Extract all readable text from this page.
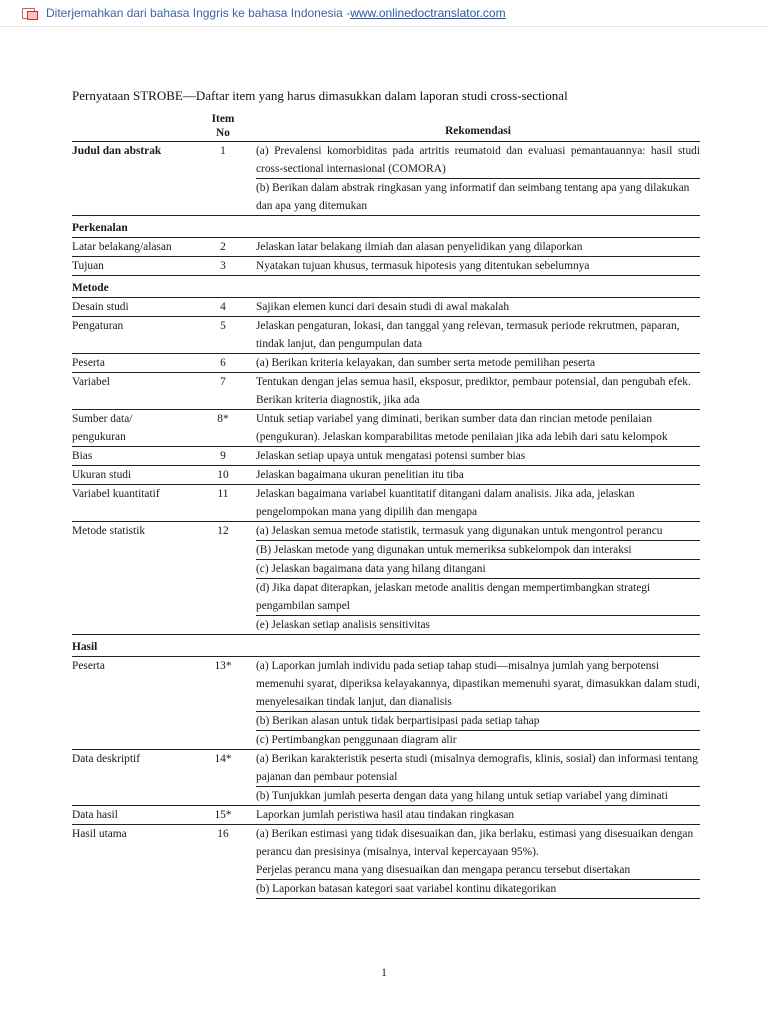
Diterjemahkan dari bahasa Inggris ke bahasa Indonesia - www.onlinedoctranslator.com
Pernyataan STROBE—Daftar item yang harus dimasukkan dalam laporan studi cross-sectional
	Item
No	Rekomendasi
Judul dan abstrak	1	(a) Prevalensi komorbiditas pada artritis reumatoid dan evaluasi pemantauannya: hasil studi cross-sectional internasional (COMORA)
		(b) Berikan dalam abstrak ringkasan yang informatif dan seimbang tentang apa yang dilakukan dan apa yang ditemukan
Perkenalan		
Latar belakang/alasan	2	Jelaskan latar belakang ilmiah dan alasan penyelidikan yang dilaporkan
Tujuan	3	Nyatakan tujuan khusus, termasuk hipotesis yang ditentukan sebelumnya
Metode		
Desain studi	4	Sajikan elemen kunci dari desain studi di awal makalah
Pengaturan	5	Jelaskan pengaturan, lokasi, dan tanggal yang relevan, termasuk periode rekrutmen, paparan, tindak lanjut, dan pengumpulan data
Peserta	6	(a) Berikan kriteria kelayakan, dan sumber serta metode pemilihan peserta
Variabel	7	Tentukan dengan jelas semua hasil, eksposur, prediktor, pembaur potensial, dan pengubah efek. Berikan kriteria diagnostik, jika ada
Sumber data/ pengukuran	8*	Untuk setiap variabel yang diminati, berikan sumber data dan rincian metode penilaian (pengukuran). Jelaskan komparabilitas metode penilaian jika ada lebih dari satu kelompok
Bias	9	Jelaskan setiap upaya untuk mengatasi potensi sumber bias
Ukuran studi	10	Jelaskan bagaimana ukuran penelitian itu tiba
Variabel kuantitatif	11	Jelaskan bagaimana variabel kuantitatif ditangani dalam analisis. Jika ada, jelaskan pengelompokan mana yang dipilih dan mengapa
Metode statistik	12	(a) Jelaskan semua metode statistik, termasuk yang digunakan untuk mengontrol perancu
		(B) Jelaskan metode yang digunakan untuk memeriksa subkelompok dan interaksi
		(c) Jelaskan bagaimana data yang hilang ditangani
		(d) Jika dapat diterapkan, jelaskan metode analitis dengan mempertimbangkan strategi pengambilan sampel
		(e) Jelaskan setiap analisis sensitivitas
Hasil		
Peserta	13*	(a) Laporkan jumlah individu pada setiap tahap studi—misalnya jumlah yang berpotensi memenuhi syarat, diperiksa kelayakannya, dipastikan memenuhi syarat, dimasukkan dalam studi, menyelesaikan tindak lanjut, dan dianalisis
		(b) Berikan alasan untuk tidak berpartisipasi pada setiap tahap
		(c) Pertimbangkan penggunaan diagram alir
Data deskriptif	14*	(a) Berikan karakteristik peserta studi (misalnya demografis, klinis, sosial) dan informasi tentang pajanan dan pembaur potensial
		(b) Tunjukkan jumlah peserta dengan data yang hilang untuk setiap variabel yang diminati
Data hasil	15*	Laporkan jumlah peristiwa hasil atau tindakan ringkasan
Hasil utama	16	(a) Berikan estimasi yang tidak disesuaikan dan, jika berlaku, estimasi yang disesuaikan dengan perancu dan presisinya (misalnya, interval kepercayaan 95%).
		Perjelas perancu mana yang disesuaikan dan mengapa perancu tersebut disertakan
		(b) Laporkan batasan kategori saat variabel kontinu dikategorikan
1
